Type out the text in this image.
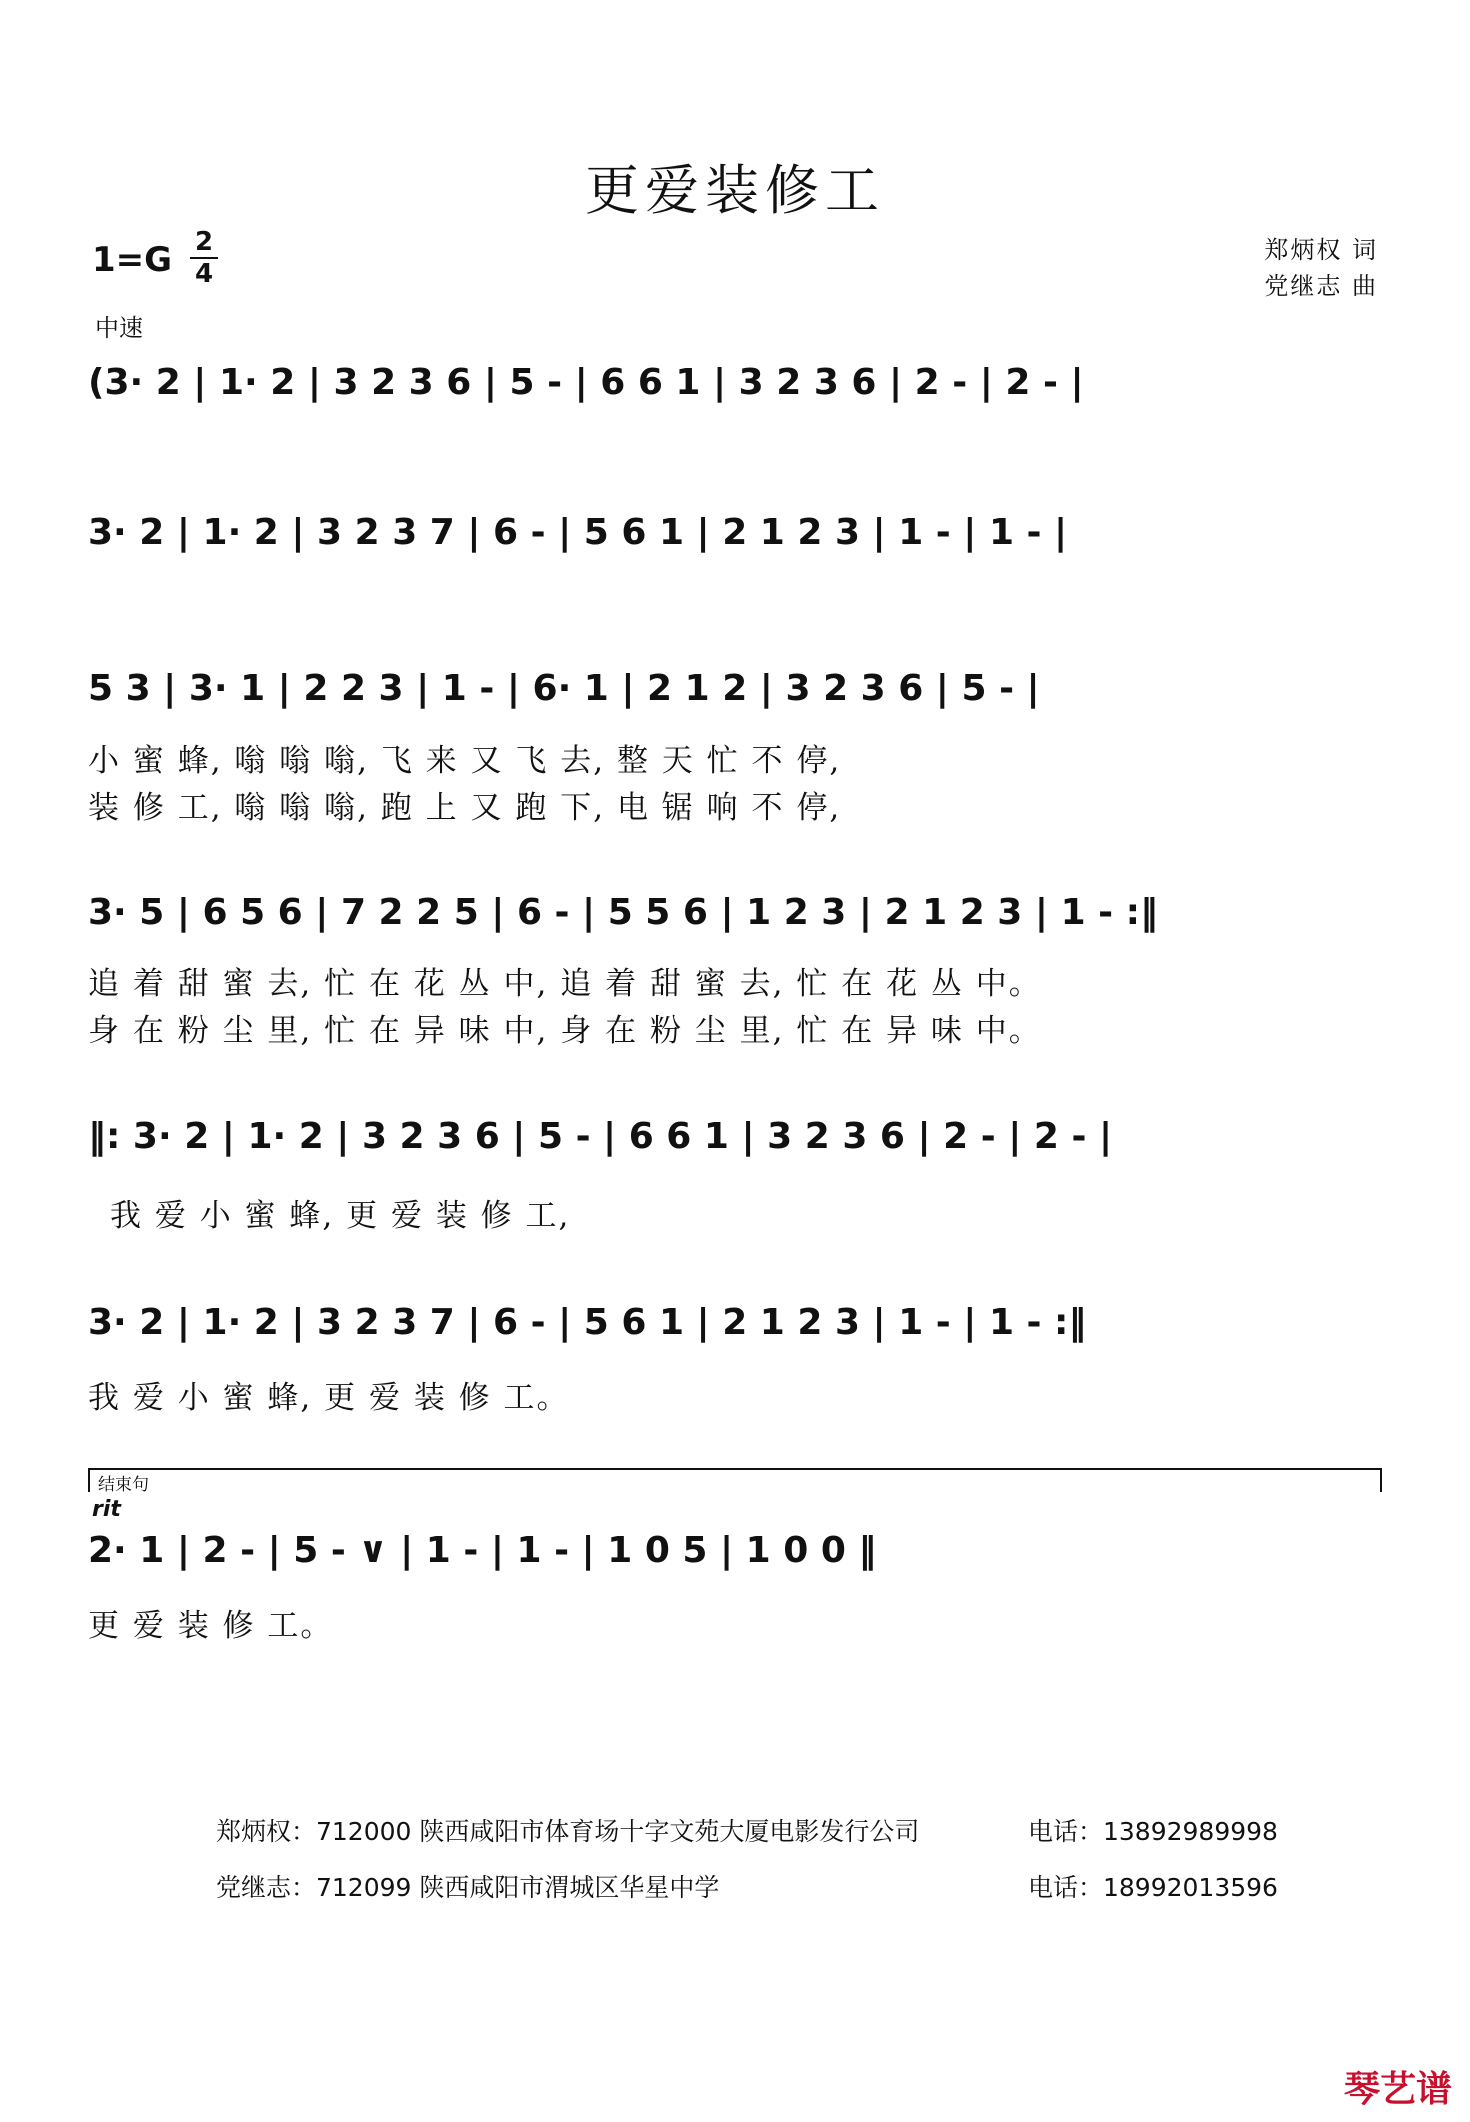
更爱装修工
1=G 2
4
中速
郑炳权 词
党继志 曲
(3· 2 | 1· 2 | 3 2 3 6 | 5 - | 6 6 1 | 3 2 3 6 | 2 - | 2 - |
3· 2 | 1· 2 | 3 2 3 7 | 6 - | 5 6 1 | 2 1 2 3 | 1 - | 1 - |
5 3 | 3· 1 | 2 2 3 | 1 - | 6· 1 | 2 1 2 | 3 2 3 6 | 5 - |
小 蜜 蜂, 嗡 嗡 嗡, 飞 来 又 飞 去, 整 天 忙 不 停,
装 修 工, 嗡 嗡 嗡, 跑 上 又 跑 下, 电 锯 响 不 停,
3· 5 | 6 5 6 | 7 2 2 5 | 6 - | 5 5 6 | 1 2 3 | 2 1 2 3 | 1 - :‖
追 着 甜 蜜 去, 忙 在 花 丛 中, 追 着 甜 蜜 去, 忙 在 花 丛 中。
身 在 粉 尘 里, 忙 在 异 味 中, 身 在 粉 尘 里, 忙 在 异 味 中。
‖: 3· 2 | 1· 2 | 3 2 3 6 | 5 - | 6 6 1 | 3 2 3 6 | 2 - | 2 - |
我 爱 小 蜜 蜂, 更 爱 装 修 工,
3· 2 | 1· 2 | 3 2 3 7 | 6 - | 5 6 1 | 2 1 2 3 | 1 - | 1 - :‖
我 爱 小 蜜 蜂, 更 爱 装 修 工。
结束句
rit
2· 1 | 2 - | 5 - ∨ | 1 - | 1 - | 1 0 5 | 1 0 0 ‖
更 爱 装 修 工。
郑炳权：712000 陕西咸阳市体育场十字文苑大厦电影发行公司	电话：13892989998
党继志：712099 陕西咸阳市渭城区华星中学	电话：18992013596
琴艺谱
